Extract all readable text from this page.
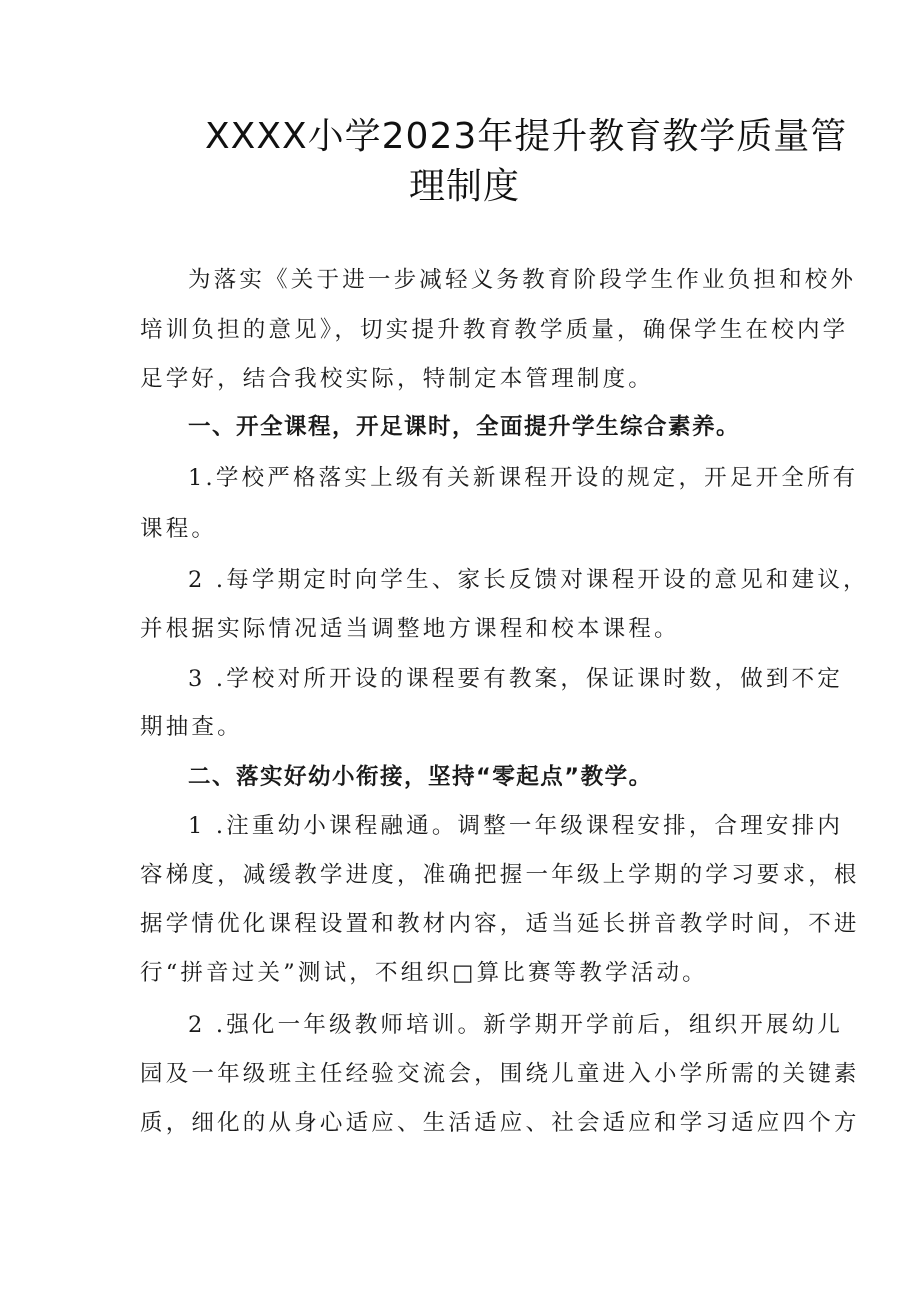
XXXX小学2023年提升教育教学质量管
理制度
为落实《关于进一步减轻义务教育阶段学生作业负担和校外
培训负担的意见》，切实提升教育教学质量，确保学生在校内学
足学好，结合我校实际，特制定本管理制度。
一、开全课程，开足课时，全面提升学生综合素养。
1.学校严格落实上级有关新课程开设的规定，开足开全所有
课程。
2 .每学期定时向学生、家长反馈对课程开设的意见和建议，
并根据实际情况适当调整地方课程和校本课程。
3 .学校对所开设的课程要有教案，保证课时数，做到不定
期抽查。
二、落实好幼小衔接，坚持“零起点”教学。
1 .注重幼小课程融通。调整一年级课程安排，合理安排内
容梯度，减缓教学进度，准确把握一年级上学期的学习要求，根
据学情优化课程设置和教材内容，适当延长拼音教学时间，不进
行“拼音过关”测试，不组织□算比赛等教学活动。
2 .强化一年级教师培训。新学期开学前后，组织开展幼儿
园及一年级班主任经验交流会，围绕儿童进入小学所需的关键素
质，细化的从身心适应、生活适应、社会适应和学习适应四个方
